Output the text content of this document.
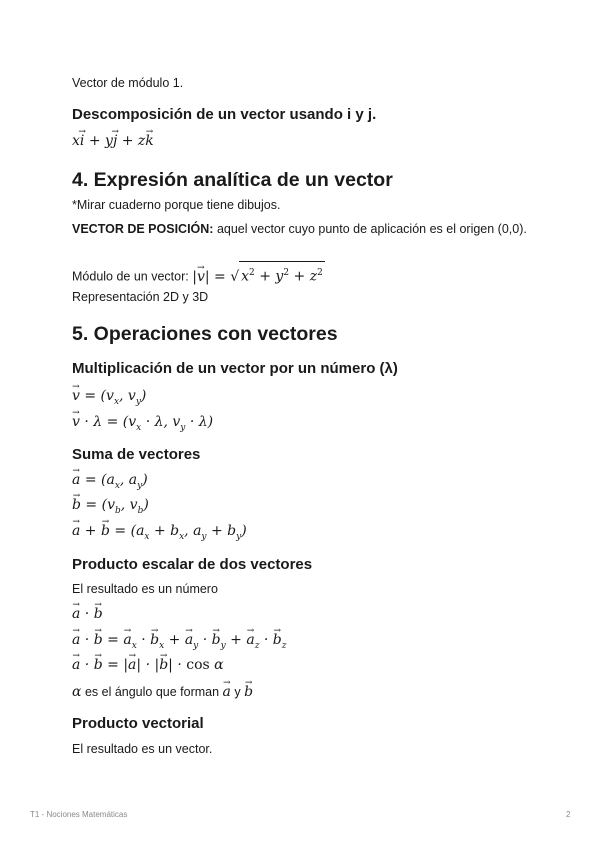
Vector de módulo 1.

Descomposición de un vector usando i y j.

x→ i + y→ j + z→ k

4. Expresión analítica de un vector

*Mirar cuaderno porque tiene dibujos.

VECTOR DE POSICIÓN: aquel vector cuyo punto de aplicación es el origen (0,0).

Módulo de un vector: |→ v| = √ $x^2 + y^2 + z^2$

Representación 2D y 3D

5. Operaciones con vectores

Multiplicación de un vector por un número (λ)

→ $v = (v_x$, $v_y$)

→ $v \cdot \lambda = (v_x \cdot \lambda$, $v_y \cdot \lambda$)

Suma de vectores

→ $a = (a_x$, $a_y$)

→ $b = (v_b$, $v_b$)

→ a + → $b = (a_x + b_x$, $a_y + b_y$)

Producto escalar de dos vectores

El resultado es un número

→ a · → b

→ a · → b = → $a_x$ · → $b_x$ + → $a_y$ · → $b_y$ + → $a_z$ · → $b_z$

→ a · → b = |→ a| · |→ b| · cos α

α es el ángulo que forman → a y → b

Producto vectorial

El resultado es un vector.

T1 - Nociones Matemáticas	2
